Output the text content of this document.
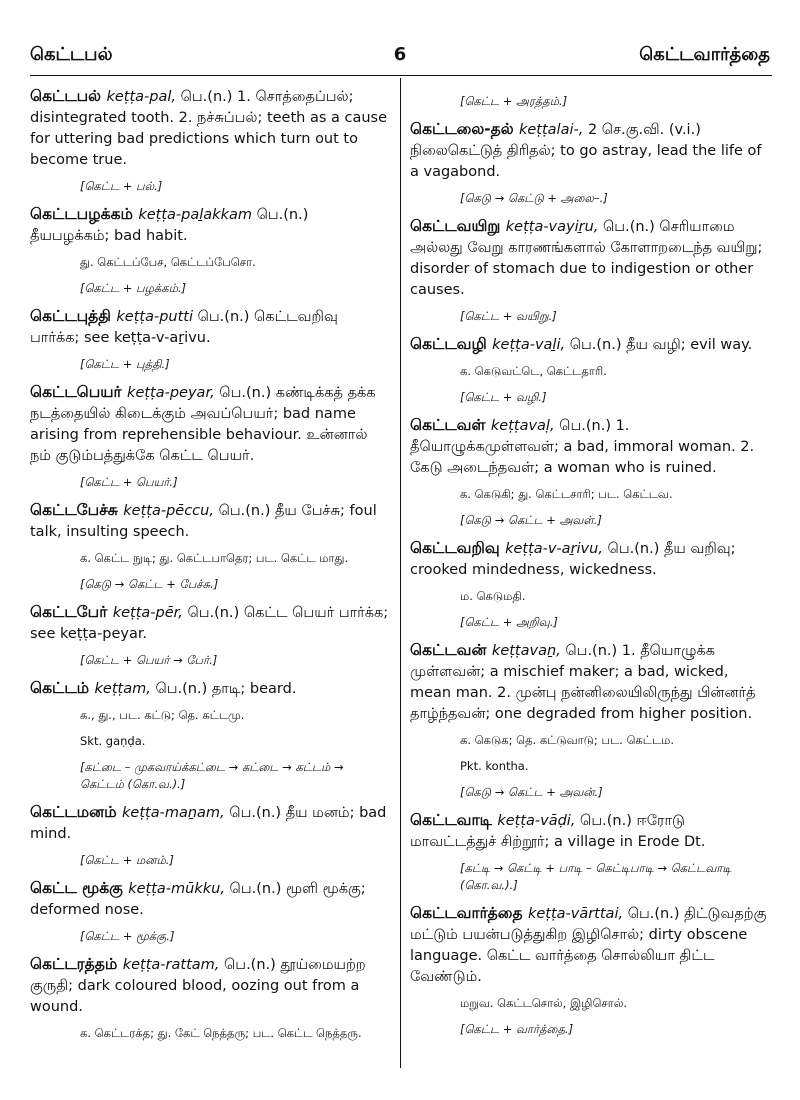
கெட்டபல்	6	கெட்டவார்த்தை
கெட்டபல் keṭṭa-pal, பெ.(n.) 1. சொத்தைப்பல்; disintegrated tooth. 2. நச்சுப்பல்; teeth as a cause for uttering bad predictions which turn out to become true.
[கெட்ட + பல்.]
கெட்டபழக்கம் keṭṭa-paḻakkam பெ.(n.) தீயபழக்கம்; bad habit.
து. கெட்டப்பேச, கெட்டப்பேசொ.
[கெட்ட + பழக்கம்.]
கெட்டபுத்தி keṭṭa-putti பெ.(n.) கெட்டவறிவு பார்க்க; see keṭṭa-v-aṟivu.
[கெட்ட + புத்தி.]
கெட்டபெயர் keṭṭa-peyar, பெ.(n.) கண்டிக்கத் தக்க நடத்தையில் கிடைக்கும் அவப்பெயர்; bad name arising from reprehensible behaviour. உன்னால் நம் குடும்பத்துக்கே கெட்ட பெயர்.
[கெட்ட + பெயர்.]
கெட்டபேச்சு keṭṭa-pēccu, பெ.(n.) தீய பேச்சு; foul talk, insulting speech.
க. கெட்ட நுடி; து. கெட்டபாதெர; பட. கெட்ட மாது.
[கெடு → கெட்ட + பேச்சு.]
கெட்டபேர் keṭṭa-pēr, பெ.(n.) கெட்ட பெயர் பார்க்க; see keṭṭa-peyar.
[கெட்ட + பெயர் → பேர்.]
கெட்டம் keṭṭam, பெ.(n.) தாடி; beard.
க., து., பட. கட்டு; தெ. கட்டமு.
Skt. gaṇḍa.
[கட்டை – முகவாய்க்கட்டை → கட்டை → கட்டம் → கெட்டம் (கொ.வ.).]
கெட்டமனம் keṭṭa-maṉam, பெ.(n.) தீய மனம்; bad mind.
[கெட்ட + மனம்.]
கெட்ட மூக்கு keṭṭa-mūkku, பெ.(n.) மூளி மூக்கு; deformed nose.
[கெட்ட + மூக்கு.]
கெட்டரத்தம் keṭṭa-rattam, பெ.(n.) தூய்மையற்ற குருதி; dark coloured blood, oozing out from a wound.
க. கெட்டரக்த; து. கேட் நெத்தரு; பட. கெட்ட நெத்தரு.
[கெட்ட + அரத்தம்.]
கெட்டலை-தல் keṭṭalai-, 2 செ.கு.வி. (v.i.) நிலைகெட்டுத் திரிதல்; to go astray, lead the life of a vagabond.
[கெடு → கெட்டு + அலை–.]
கெட்டவயிறு keṭṭa-vayiṟu, பெ.(n.) செரியாமை அல்லது வேறு காரணங்களால் கோளாறடைந்த வயிறு; disorder of stomach due to indigestion or other causes.
[கெட்ட + வயிறு.]
கெட்டவழி keṭṭa-vaḻi, பெ.(n.) தீய வழி; evil way.
க. கெடுவட்டெ, கெட்டதாரி.
[கெட்ட + வழி.]
கெட்டவள் keṭṭavaḷ, பெ.(n.) 1. தீயொழுக்கமுள்ளவள்; a bad, immoral woman. 2. கேடு அடைந்தவள்; a woman who is ruined.
க. கெடுகி; து. கெட்டசாரி; பட. கெட்டவ.
[கெடு → கெட்ட + அவள்.]
கெட்டவறிவு keṭṭa-v-aṟivu, பெ.(n.) தீய வறிவு; crooked mindedness, wickedness.
ம. கெடுமதி.
[கெட்ட + அறிவு.]
கெட்டவன் keṭṭavaṉ, பெ.(n.) 1. தீயொழுக்க முள்ளவன்; a mischief maker; a bad, wicked, mean man. 2. முன்பு நன்னிலையிலிருந்து பின்னர்த் தாழ்ந்தவன்; one degraded from higher position.
க. கெடுக; தெ. கட்டுவாடு; பட. கெட்டம.
Pkt. kontha.
[கெடு → கெட்ட + அவன்.]
கெட்டவாடி keṭṭa-vāḍi, பெ.(n.) ஈரோடு மாவட்டத்துச் சிற்றூர்; a village in Erode Dt.
[கட்டி → கெட்டி + பாடி – கெட்டிபாடி → கெட்டவாடி (கொ.வ.).]
கெட்டவார்த்தை keṭṭa-vārttai, பெ.(n.) திட்டுவதற்கு மட்டும் பயன்படுத்துகிற இழிசொல்; dirty obscene language. கெட்ட வார்த்தை சொல்லியா திட்ட வேண்டும்.
மறுவ. கெட்டசொல், இழிசொல்.
[கெட்ட + வார்த்தை.]
